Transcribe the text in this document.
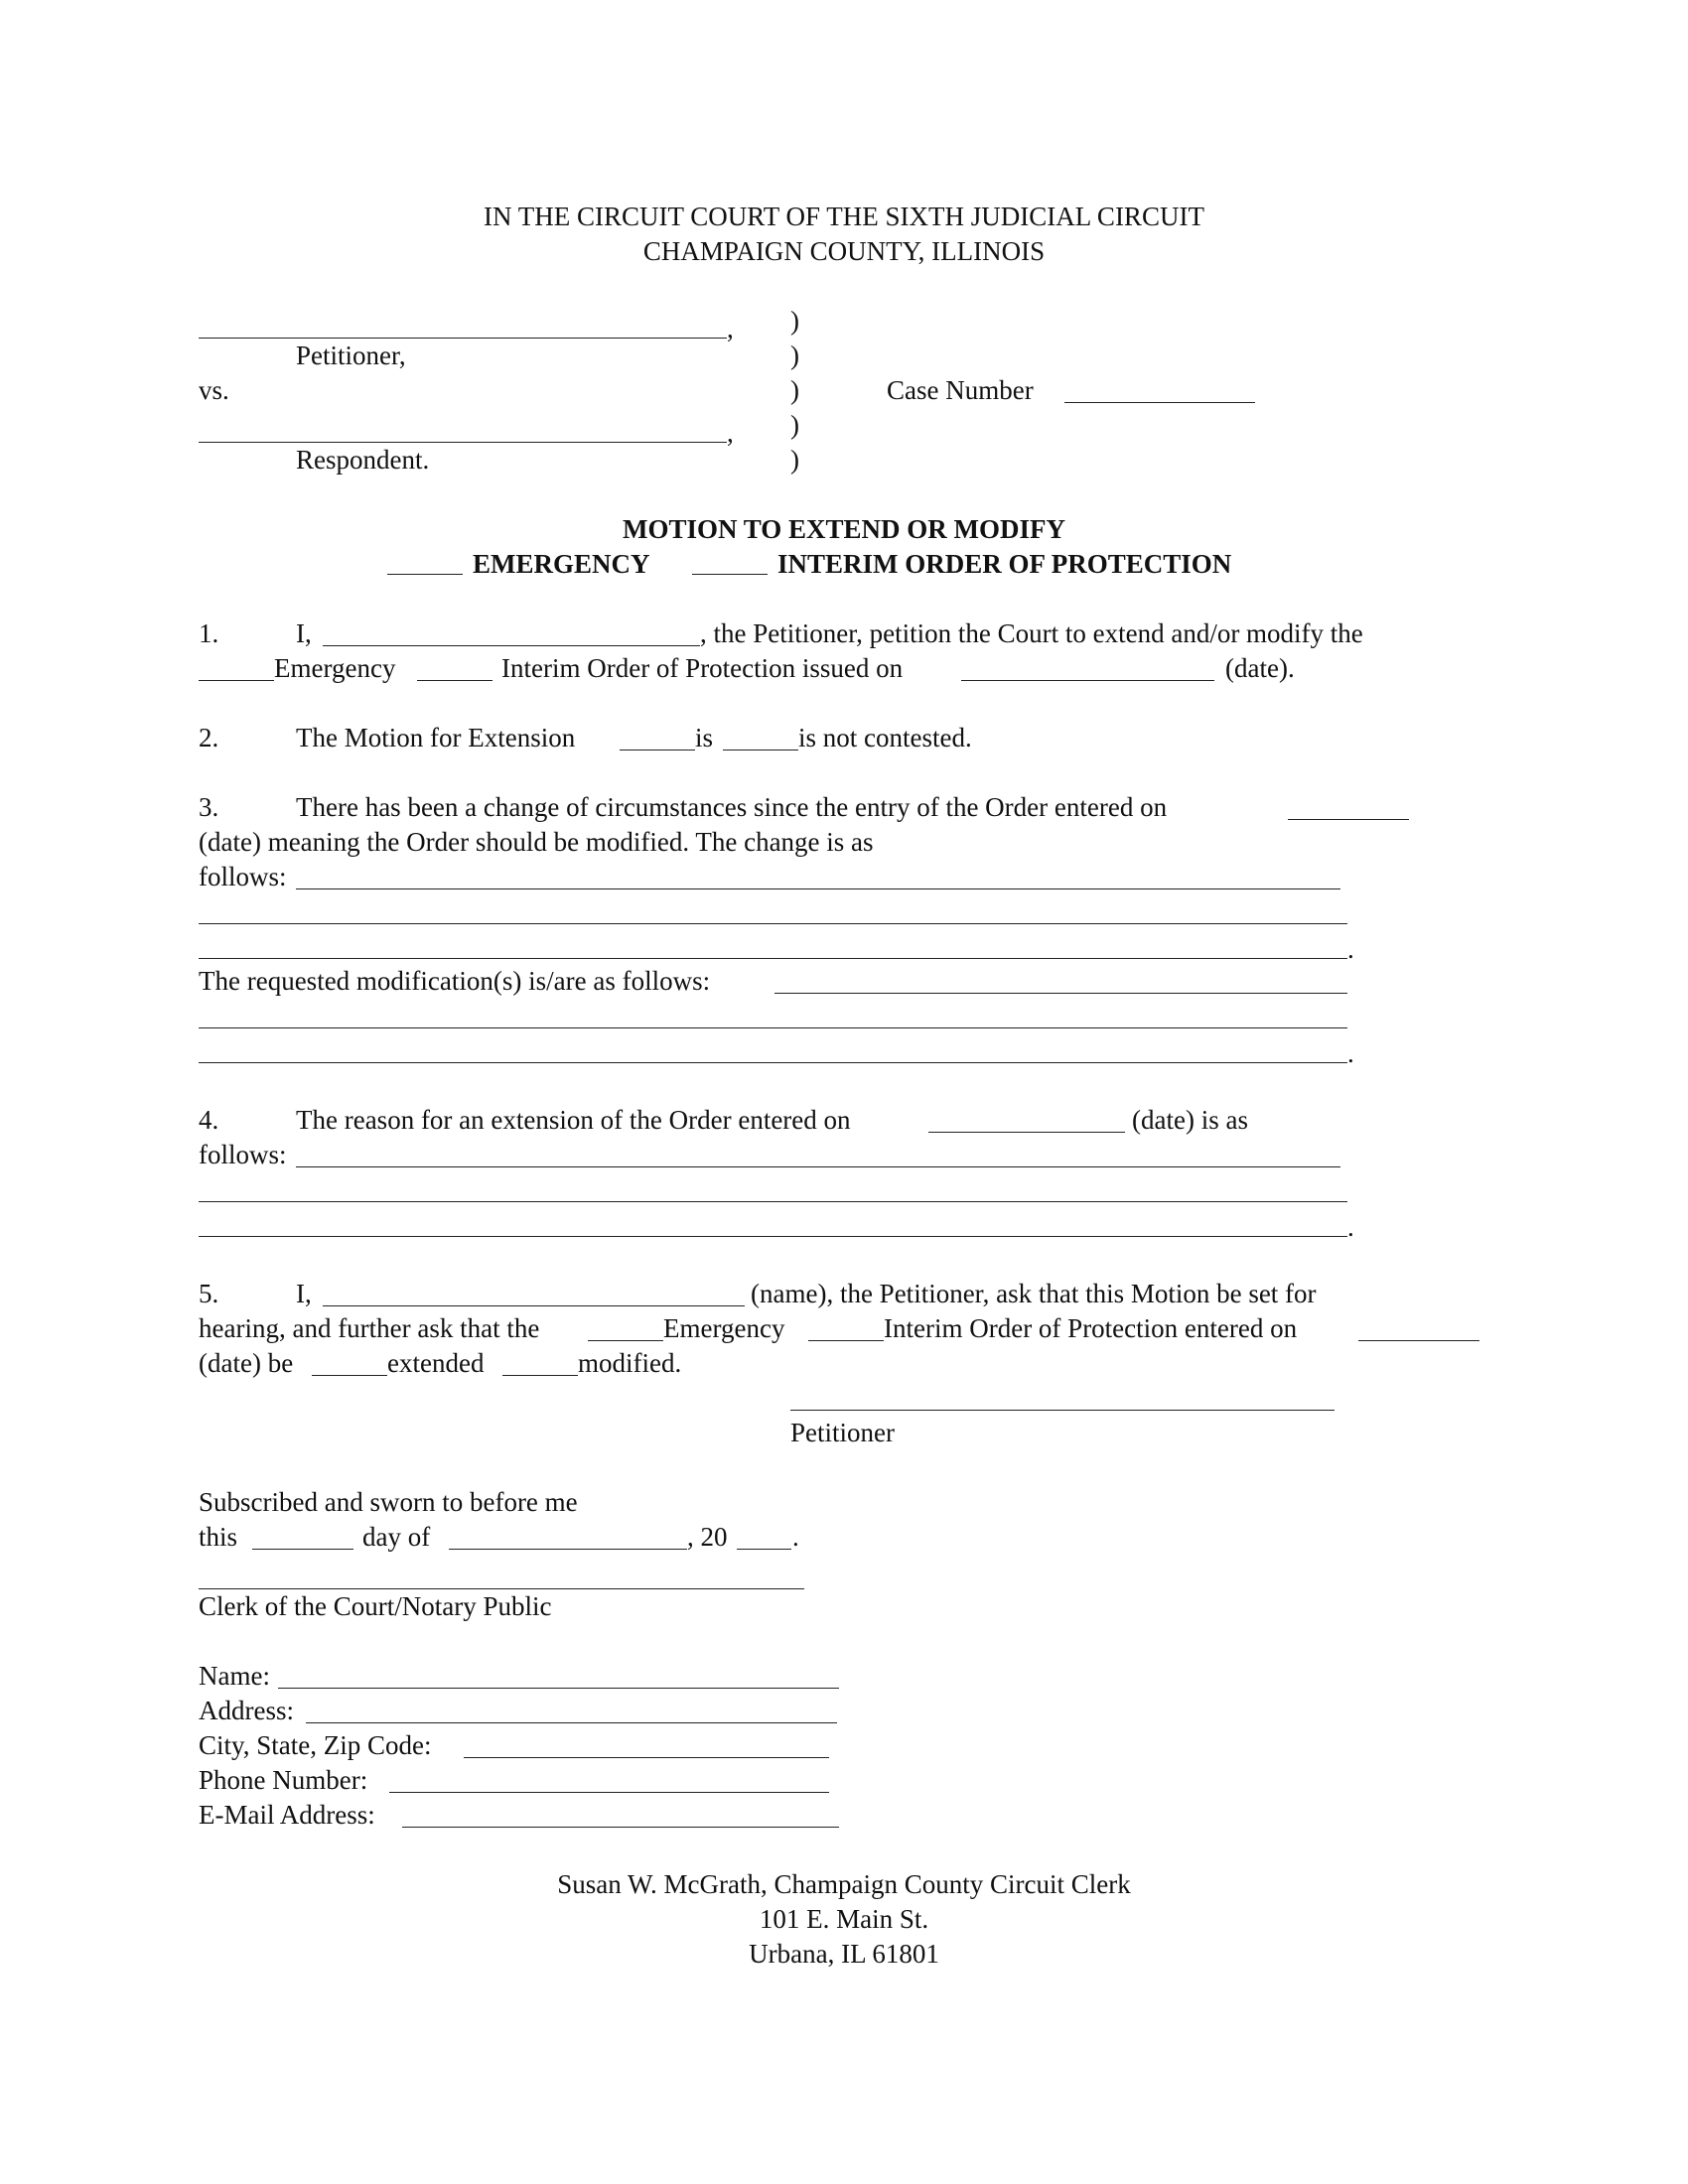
IN THE CIRCUIT COURT OF THE SIXTH JUDICIAL CIRCUIT
CHAMPAIGN COUNTY, ILLINOIS
,
Petitioner,
vs.
,
Respondent.
)
)
)
)
)
Case Number
MOTION TO EXTEND OR MODIFY
EMERGENCY	INTERIM ORDER OF PROTECTION
1.	I,	, the Petitioner, petition the Court to extend and/or modify the
Emergency	Interim Order of Protection issued on	(date).
2.	The Motion for Extension	is	is not contested.
3.	There has been a change of circumstances since the entry of the Order entered on
(date) meaning the Order should be modified. The change is as
follows:
.
The requested modification(s) is/are as follows:
.
4.	The reason for an extension of the Order entered on	(date) is as
follows:
.
5.	I,	(name), the Petitioner, ask that this Motion be set for
hearing, and further ask that the	Emergency	Interim Order of Protection entered on
(date) be	extended	modified.
Petitioner
Subscribed and sworn to before me
this	day of	, 20 .
Clerk of the Court/Notary Public
Name:
Address:
City, State, Zip Code:
Phone Number:
E-Mail Address:
Susan W. McGrath, Champaign County Circuit Clerk
101 E. Main St.
Urbana, IL 61801
